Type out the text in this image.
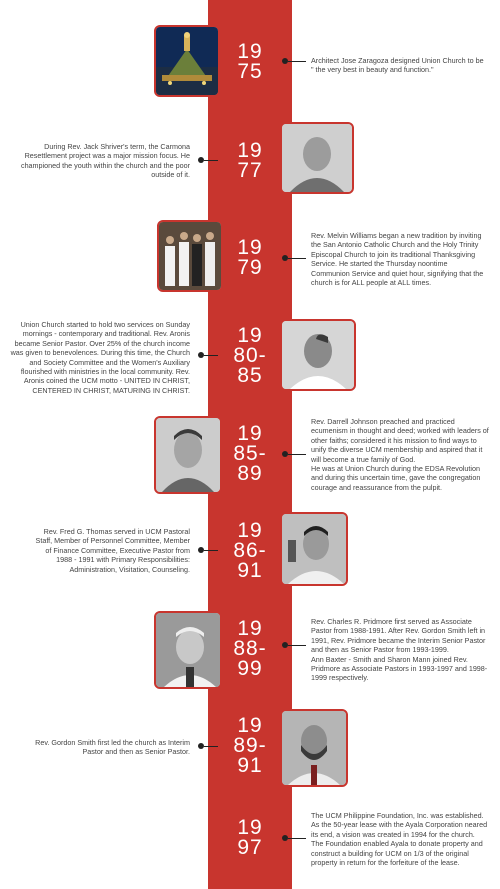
19
75	Architect Jose Zaragoza designed Union Church to be " the very best in beauty and function."
During Rev. Jack Shriver's term, the Carmona Resettlement project was a major mission focus. He championed the youth within the church and the poor outside of it.
19
77
19
79
Rev. Melvin Williams began a new tradition by inviting the San Antonio Catholic Church and the Holy Trinity Episcopal Church to join its traditional Thanksgiving Service. He started the Thursday noontime Communion Service and quiet hour, signifying that the church is for ALL people at ALL times.
Union Church started to hold two services on Sunday mornings - contemporary and traditional. Rev. Aronis became Senior Pastor. Over 25% of the church income was given to benevolences. During this time, the Church and Society Committee and the Women's Auxiliary flourished with ministries in the local community. Rev. Aronis coined the UCM motto - UNITED IN CHRIST, CENTERED IN CHRIST, MATURING IN CHRIST.
19
80-
85
19
85-
89
Rev. Darrell Johnson preached and practiced ecumenism in thought and deed; worked with leaders of other faiths; considered it his mission to find ways to unify the diverse UCM membership and aspired that it will become a true family of God.
He was at Union Church during the EDSA Revolution and during this uncertain time, gave the congregation courage and reassurance from the pulpit.
Rev. Fred G. Thomas served in UCM Pastoral Staff, Member of Personnel Committee, Member of Finance Committee, Executive Pastor from 1988 - 1991 with Primary Responsibilities: Administration, Visitation, Counseling.
19
86-
91
19
88-
99
Rev. Charles R. Pridmore first served as Associate Pastor from 1988-1991. After Rev. Gordon Smith left in 1991, Rev. Pridmore became the Interim Senior Pastor and then as Senior Pastor from 1993-1999.
Ann Baxter - Smith and Sharon Mann joined Rev. Pridmore as Associate Pastors in 1993-1997 and 1998-1999 respectively.
Rev. Gordon Smith first led the church as Interim Pastor and then as Senior Pastor.
19
89-
91
19
97
The UCM Philippine Foundation, Inc. was established. As the 50-year lease with the Ayala Corporation neared its end, a vision was created in 1994 for the church. The Foundation enabled Ayala to donate property and construct a building for UCM on 1/3 of the original property in return for the forfeiture of the lease.
